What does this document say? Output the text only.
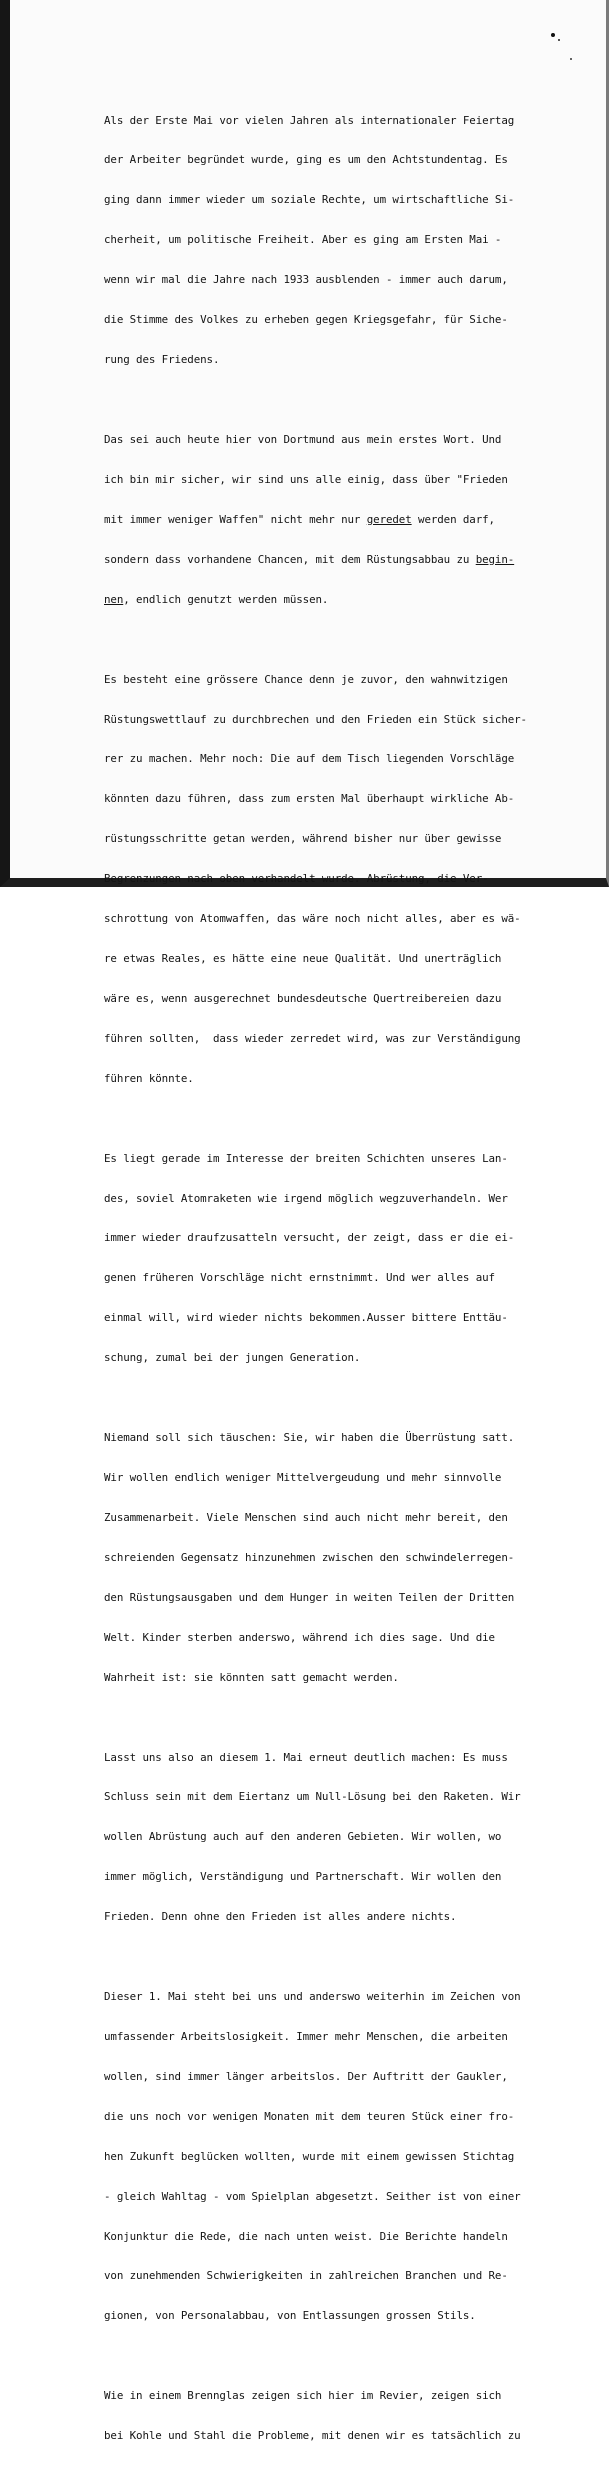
Als der Erste Mai vor vielen Jahren als internationaler Feiertag

der Arbeiter begründet wurde, ging es um den Achtstundentag. Es

ging dann immer wieder um soziale Rechte, um wirtschaftliche Si-

cherheit, um politische Freiheit. Aber es ging am Ersten Mai -

wenn wir mal die Jahre nach 1933 ausblenden - immer auch darum,

die Stimme des Volkes zu erheben gegen Kriegsgefahr, für Siche-

rung des Friedens.

Das sei auch heute hier von Dortmund aus mein erstes Wort. Und

ich bin mir sicher, wir sind uns alle einig, dass über "Frieden

mit immer weniger Waffen" nicht mehr nur geredet werden darf,

sondern dass vorhandene Chancen, mit dem Rüstungsabbau zu begin-

nen, endlich genutzt werden müssen.

Es besteht eine grössere Chance denn je zuvor, den wahnwitzigen

Rüstungswettlauf zu durchbrechen und den Frieden ein Stück sicher-

rer zu machen. Mehr noch: Die auf dem Tisch liegenden Vorschläge

könnten dazu führen, dass zum ersten Mal überhaupt wirkliche Ab-

rüstungsschritte getan werden, während bisher nur über gewisse

Begrenzungen nach oben verhandelt wurde. Abrüstung, die Ver-

schrottung von Atomwaffen, das wäre noch nicht alles, aber es wä-

re etwas Reales, es hätte eine neue Qualität. Und unerträglich

wäre es, wenn ausgerechnet bundesdeutsche Quertreibereien dazu

führen sollten,  dass wieder zerredet wird, was zur Verständigung

führen könnte.

Es liegt gerade im Interesse der breiten Schichten unseres Lan-

des, soviel Atomraketen wie irgend möglich wegzuverhandeln. Wer

immer wieder draufzusatteln versucht, der zeigt, dass er die ei-

genen früheren Vorschläge nicht ernstnimmt. Und wer alles auf

einmal will, wird wieder nichts bekommen.Ausser bittere Enttäu-

schung, zumal bei der jungen Generation.

Niemand soll sich täuschen: Sie, wir haben die Überrüstung satt.

Wir wollen endlich weniger Mittelvergeudung und mehr sinnvolle

Zusammenarbeit. Viele Menschen sind auch nicht mehr bereit, den

schreienden Gegensatz hinzunehmen zwischen den schwindelerregen-

den Rüstungsausgaben und dem Hunger in weiten Teilen der Dritten

Welt. Kinder sterben anderswo, während ich dies sage. Und die

Wahrheit ist: sie könnten satt gemacht werden.

Lasst uns also an diesem 1. Mai erneut deutlich machen: Es muss

Schluss sein mit dem Eiertanz um Null-Lösung bei den Raketen. Wir

wollen Abrüstung auch auf den anderen Gebieten. Wir wollen, wo

immer möglich, Verständigung und Partnerschaft. Wir wollen den

Frieden. Denn ohne den Frieden ist alles andere nichts.

Dieser 1. Mai steht bei uns und anderswo weiterhin im Zeichen von

umfassender Arbeitslosigkeit. Immer mehr Menschen, die arbeiten

wollen, sind immer länger arbeitslos. Der Auftritt der Gaukler,

die uns noch vor wenigen Monaten mit dem teuren Stück einer fro-

hen Zukunft beglücken wollten, wurde mit einem gewissen Stichtag

- gleich Wahltag - vom Spielplan abgesetzt. Seither ist von einer

Konjunktur die Rede, die nach unten weist. Die Berichte handeln

von zunehmenden Schwierigkeiten in zahlreichen Branchen und Re-

gionen, von Personalabbau, von Entlassungen grossen Stils.

Wie in einem Brennglas zeigen sich hier im Revier, zeigen sich

bei Kohle und Stahl die Probleme, mit denen wir es tatsächlich zu
